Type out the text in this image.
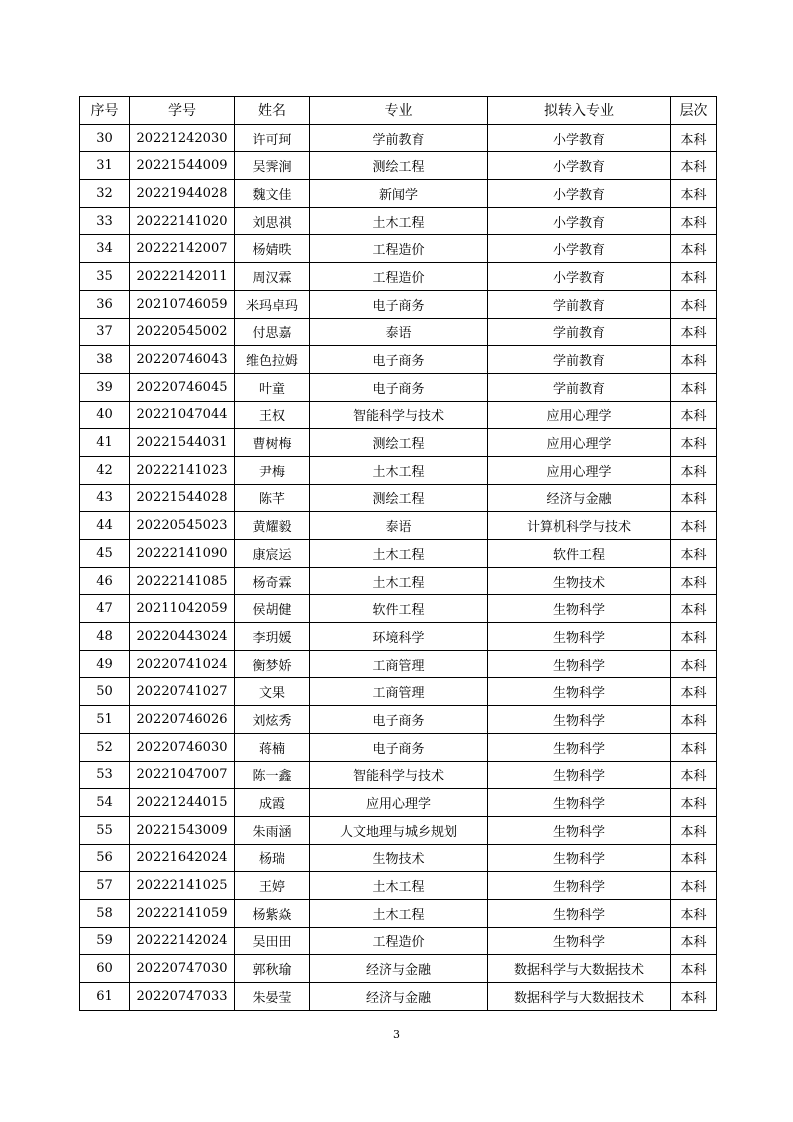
序号	学号	姓名	专业	拟转入专业	层次
30	20221242030	许可珂	学前教育	小学教育	本科
31	20221544009	吴霁涧	测绘工程	小学教育	本科
32	20221944028	魏文佳	新闻学	小学教育	本科
33	20222141020	刘思祺	土木工程	小学教育	本科
34	20222142007	杨婧昳	工程造价	小学教育	本科
35	20222142011	周汉霖	工程造价	小学教育	本科
36	20210746059	米玛卓玛	电子商务	学前教育	本科
37	20220545002	付思嘉	泰语	学前教育	本科
38	20220746043	维色拉姆	电子商务	学前教育	本科
39	20220746045	叶童	电子商务	学前教育	本科
40	20221047044	王权	智能科学与技术	应用心理学	本科
41	20221544031	曹树梅	测绘工程	应用心理学	本科
42	20222141023	尹梅	土木工程	应用心理学	本科
43	20221544028	陈芊	测绘工程	经济与金融	本科
44	20220545023	黄耀毅	泰语	计算机科学与技术	本科
45	20222141090	康宸运	土木工程	软件工程	本科
46	20222141085	杨奇霖	土木工程	生物技术	本科
47	20211042059	侯胡健	软件工程	生物科学	本科
48	20220443024	李玥媛	环境科学	生物科学	本科
49	20220741024	衡梦娇	工商管理	生物科学	本科
50	20220741027	文果	工商管理	生物科学	本科
51	20220746026	刘炫秀	电子商务	生物科学	本科
52	20220746030	蒋楠	电子商务	生物科学	本科
53	20221047007	陈一鑫	智能科学与技术	生物科学	本科
54	20221244015	成霞	应用心理学	生物科学	本科
55	20221543009	朱雨涵	人文地理与城乡规划	生物科学	本科
56	20221642024	杨瑞	生物技术	生物科学	本科
57	20222141025	王婷	土木工程	生物科学	本科
58	20222141059	杨紫焱	土木工程	生物科学	本科
59	20222142024	吴田田	工程造价	生物科学	本科
60	20220747030	郭秋瑜	经济与金融	数据科学与大数据技术	本科
61	20220747033	朱晏莹	经济与金融	数据科学与大数据技术	本科
3
